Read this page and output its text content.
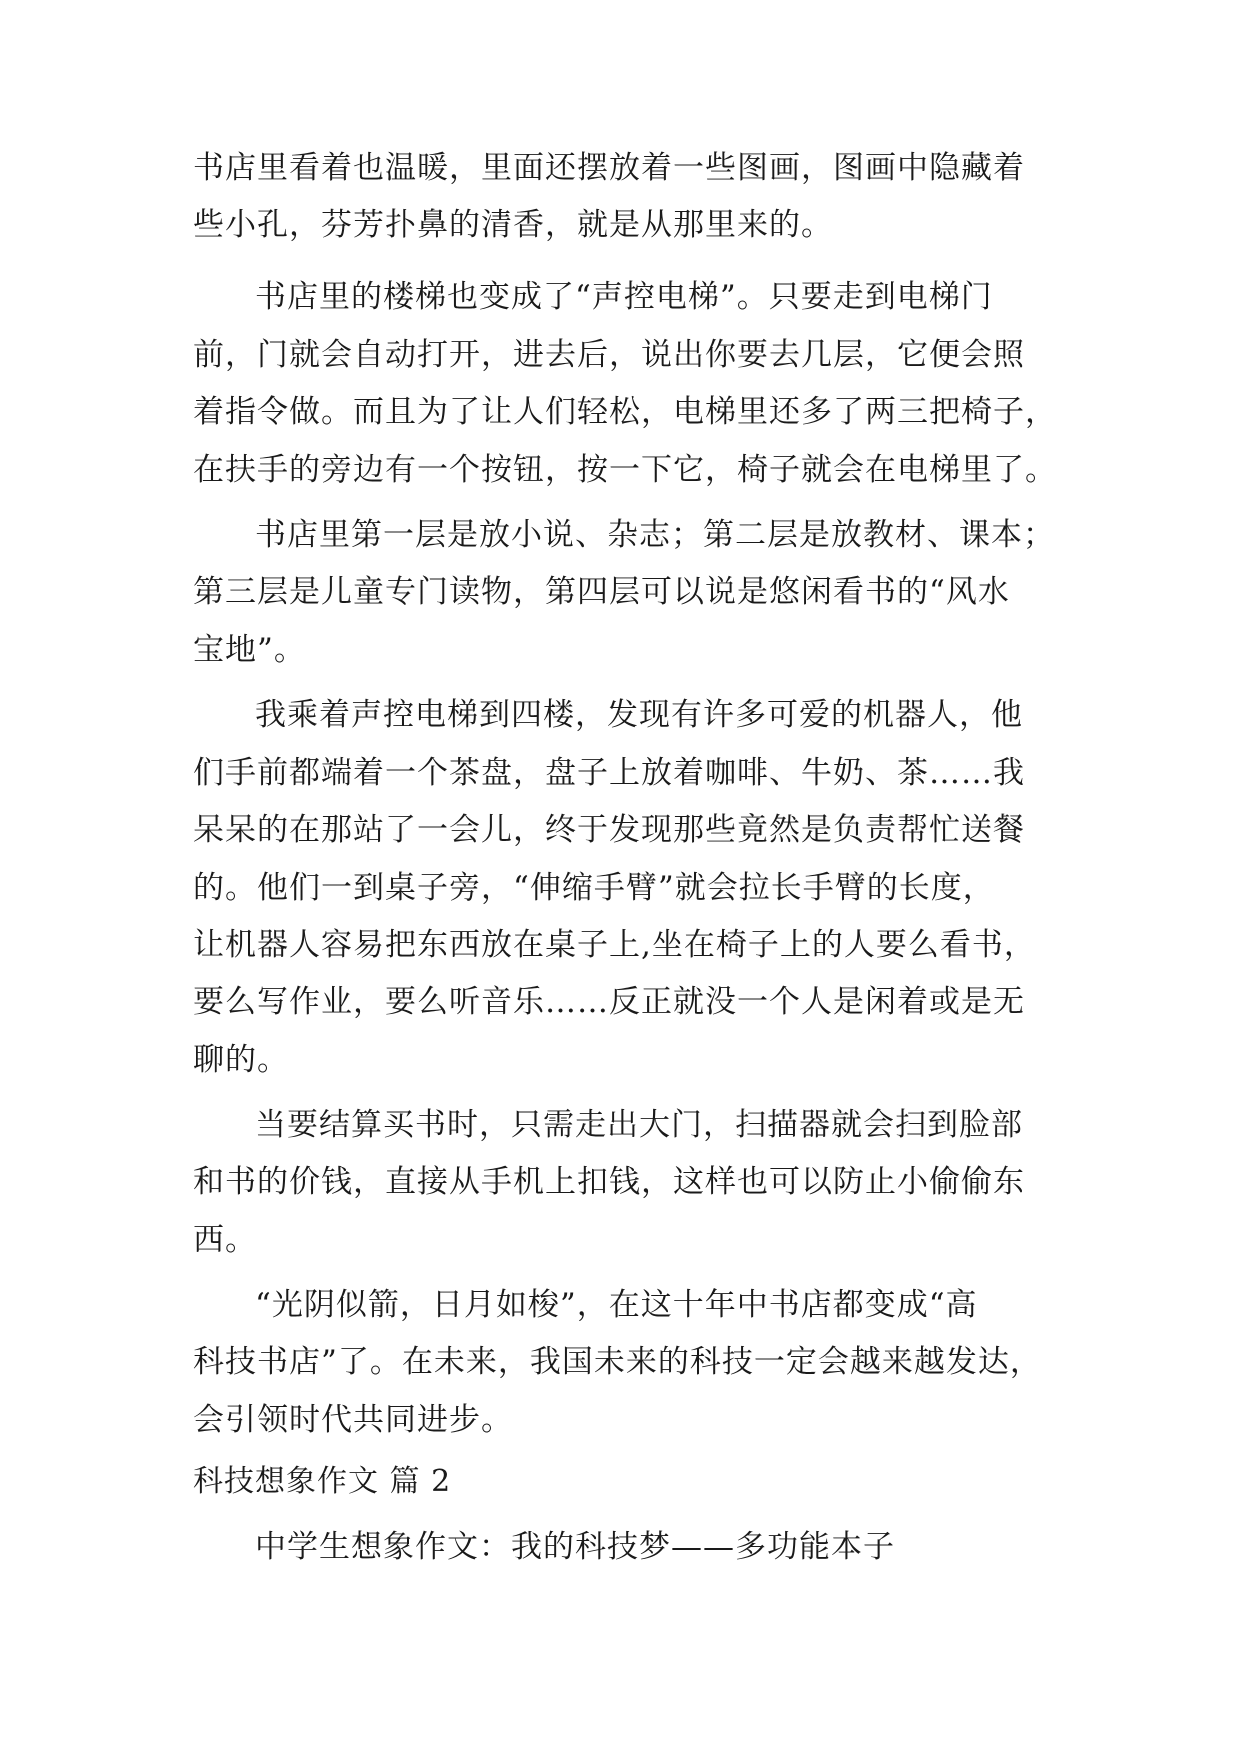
书店里看着也温暖，里面还摆放着一些图画，图画中隐藏着
些小孔，芬芳扑鼻的清香，就是从那里来的。
书店里的楼梯也变成了“声控电梯”。只要走到电梯门
前，门就会自动打开，进去后，说出你要去几层，它便会照
着指令做。而且为了让人们轻松，电梯里还多了两三把椅子，
在扶手的旁边有一个按钮，按一下它，椅子就会在电梯里了。
书店里第一层是放小说、杂志；第二层是放教材、课本；
第三层是儿童专门读物，第四层可以说是悠闲看书的“风水
宝地”。
我乘着声控电梯到四楼，发现有许多可爱的机器人，他
们手前都端着一个茶盘，盘子上放着咖啡、牛奶、茶……我
呆呆的在那站了一会儿，终于发现那些竟然是负责帮忙送餐
的。他们一到桌子旁，“伸缩手臂”就会拉长手臂的长度，
让机器人容易把东西放在桌子上,坐在椅子上的人要么看书，
要么写作业，要么听音乐……反正就没一个人是闲着或是无
聊的。
当要结算买书时，只需走出大门，扫描器就会扫到脸部
和书的价钱，直接从手机上扣钱，这样也可以防止小偷偷东
西。
“光阴似箭，日月如梭”，在这十年中书店都变成“高
科技书店”了。在未来，我国未来的科技一定会越来越发达，
会引领时代共同进步。
科技想象作文 篇 2
中学生想象作文：我的科技梦——多功能本子
